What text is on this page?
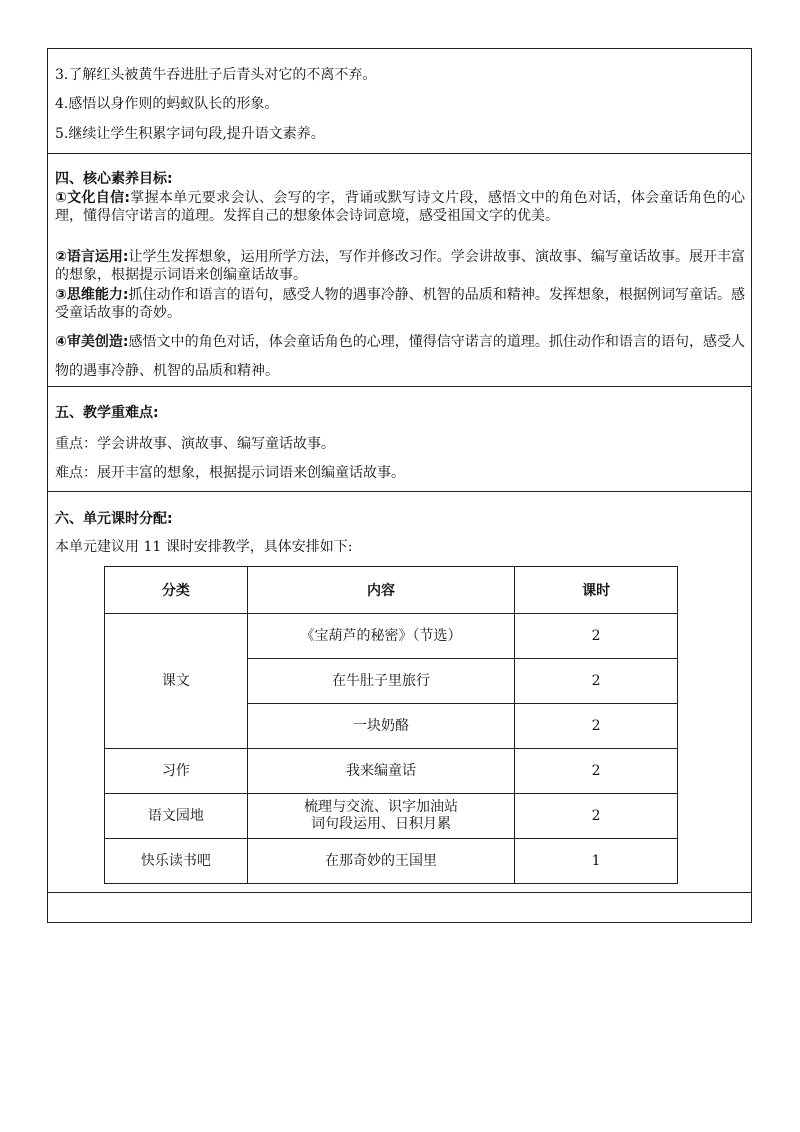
3.了解红头被黄牛吞进肚子后青头对它的不离不弃。
4.感悟以身作则的蚂蚁队长的形象。
5.继续让学生积累字词句段,提升语文素养。
四、核心素养目标:
①文化自信:掌握本单元要求会认、会写的字，背诵或默写诗文片段，感悟文中的角色对话，体会童话角色的心理，懂得信守诺言的道理。发挥自己的想象体会诗词意境，感受祖国文字的优美。
②语言运用:让学生发挥想象，运用所学方法，写作并修改习作。学会讲故事、演故事、编写童话故事。展开丰富的想象，根据提示词语来创编童话故事。
③思维能力:抓住动作和语言的语句，感受人物的遇事冷静、机智的品质和精神。发挥想象，根据例词写童话。感受童话故事的奇妙。
④审美创造:感悟文中的角色对话，体会童话角色的心理，懂得信守诺言的道理。抓住动作和语言的语句，感受人物的遇事冷静、机智的品质和精神。
五、教学重难点:
重点：学会讲故事、演故事、编写童话故事。
难点：展开丰富的想象，根据提示词语来创编童话故事。
六、单元课时分配:
本单元建议用 11 课时安排教学，具体安排如下:
分类	内容	课时
课文	《宝葫芦的秘密》（节选）	2
	在牛肚子里旅行	2
	一块奶酪	2
习作	我来编童话	2
语文园地	梳理与交流、识字加油站
词句段运用、日积月累	2
快乐读书吧	在那奇妙的王国里	1
